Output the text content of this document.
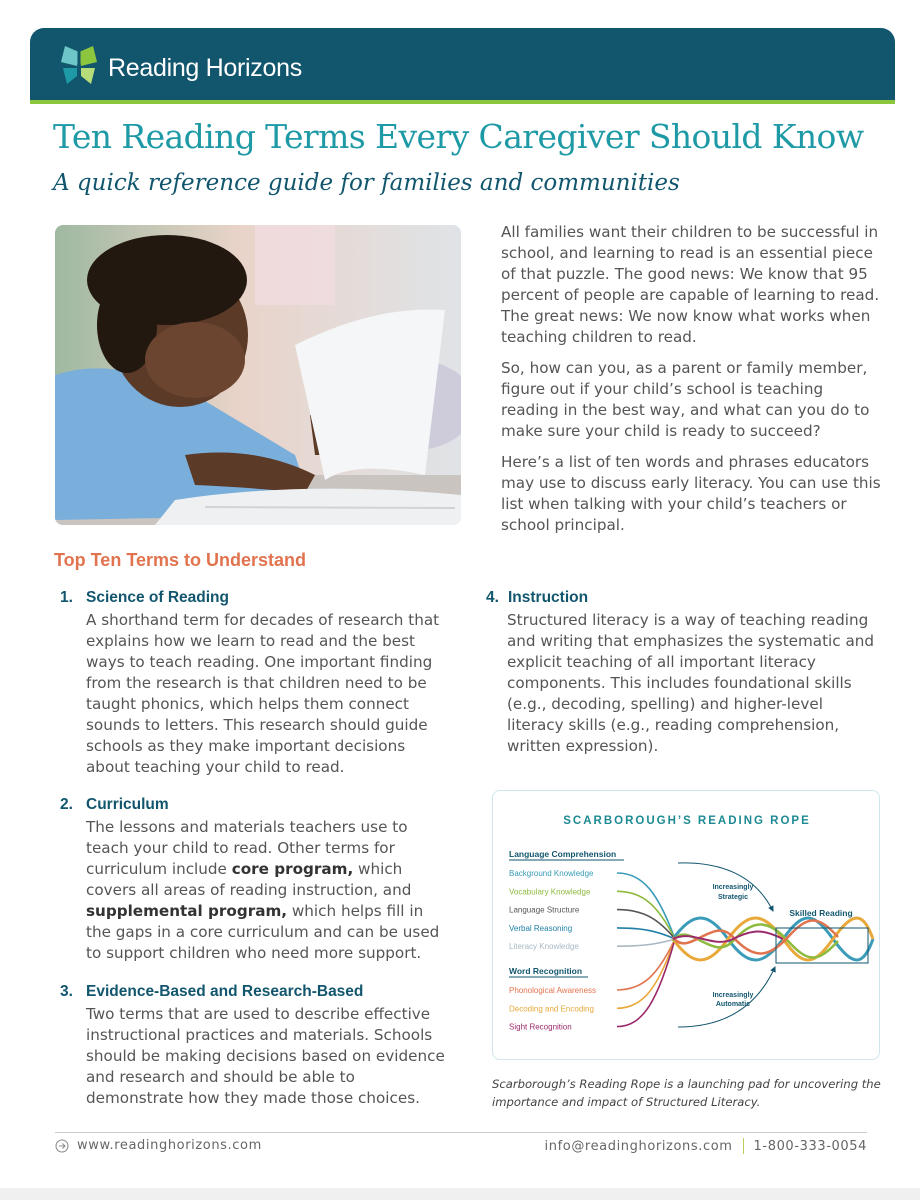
Reading Horizons
Ten Reading Terms Every Caregiver Should Know
A quick reference guide for families and communities

All families want their children to be successful in school, and learning to read is an essential piece of that puzzle. The good news: We know that 95 percent of people are capable of learning to read. The great news: We now know what works when teaching children to read.

So, how can you, as a parent or family member, figure out if your child’s school is teaching reading in the best way, and what can you do to make sure your child is ready to succeed?

Here’s a list of ten words and phrases educators may use to discuss early literacy. You can use this list when talking with your child’s teachers or school principal.

Top Ten Terms to Understand
1. Science of Reading
A shorthand term for decades of research that explains how we learn to read and the best ways to teach reading. One important finding from the research is that children need to be taught phonics, which helps them connect sounds to letters. This research should guide schools as they make important decisions about teaching your child to read.
2. Curriculum
The lessons and materials teachers use to teach your child to read. Other terms for curriculum include core program, which covers all areas of reading instruction, and supplemental program, which helps fill in the gaps in a core curriculum and can be used to support children who need more support.
3. Evidence-Based and Research-Based
Two terms that are used to describe effective instructional practices and materials. Schools should be making decisions based on evidence and research and should be able to demonstrate how they made those choices.
4. Instruction
Structured literacy is a way of teaching reading and writing that emphasizes the systematic and explicit teaching of all important literacy components. This includes foundational skills (e.g., decoding, spelling) and higher-level literacy skills (e.g., reading comprehension, written expression).
SCARBOROUGH’S READING ROPE
Language Comprehension
Background Knowledge
Vocabulary Knowledge
Language Structure
Verbal Reasoning
Literacy Knowledge
Word Recognition
Phonological Awareness
Decoding and Encoding
Sight Recognition
Skilled Reading
Increasingly
Strategic
Increasingly
Automatic
Scarborough’s Reading Rope is a launching pad for uncovering the importance and impact of Structured Literacy.
www.readinghorizons.com	info@readinghorizons.com 1-800-333-0054
